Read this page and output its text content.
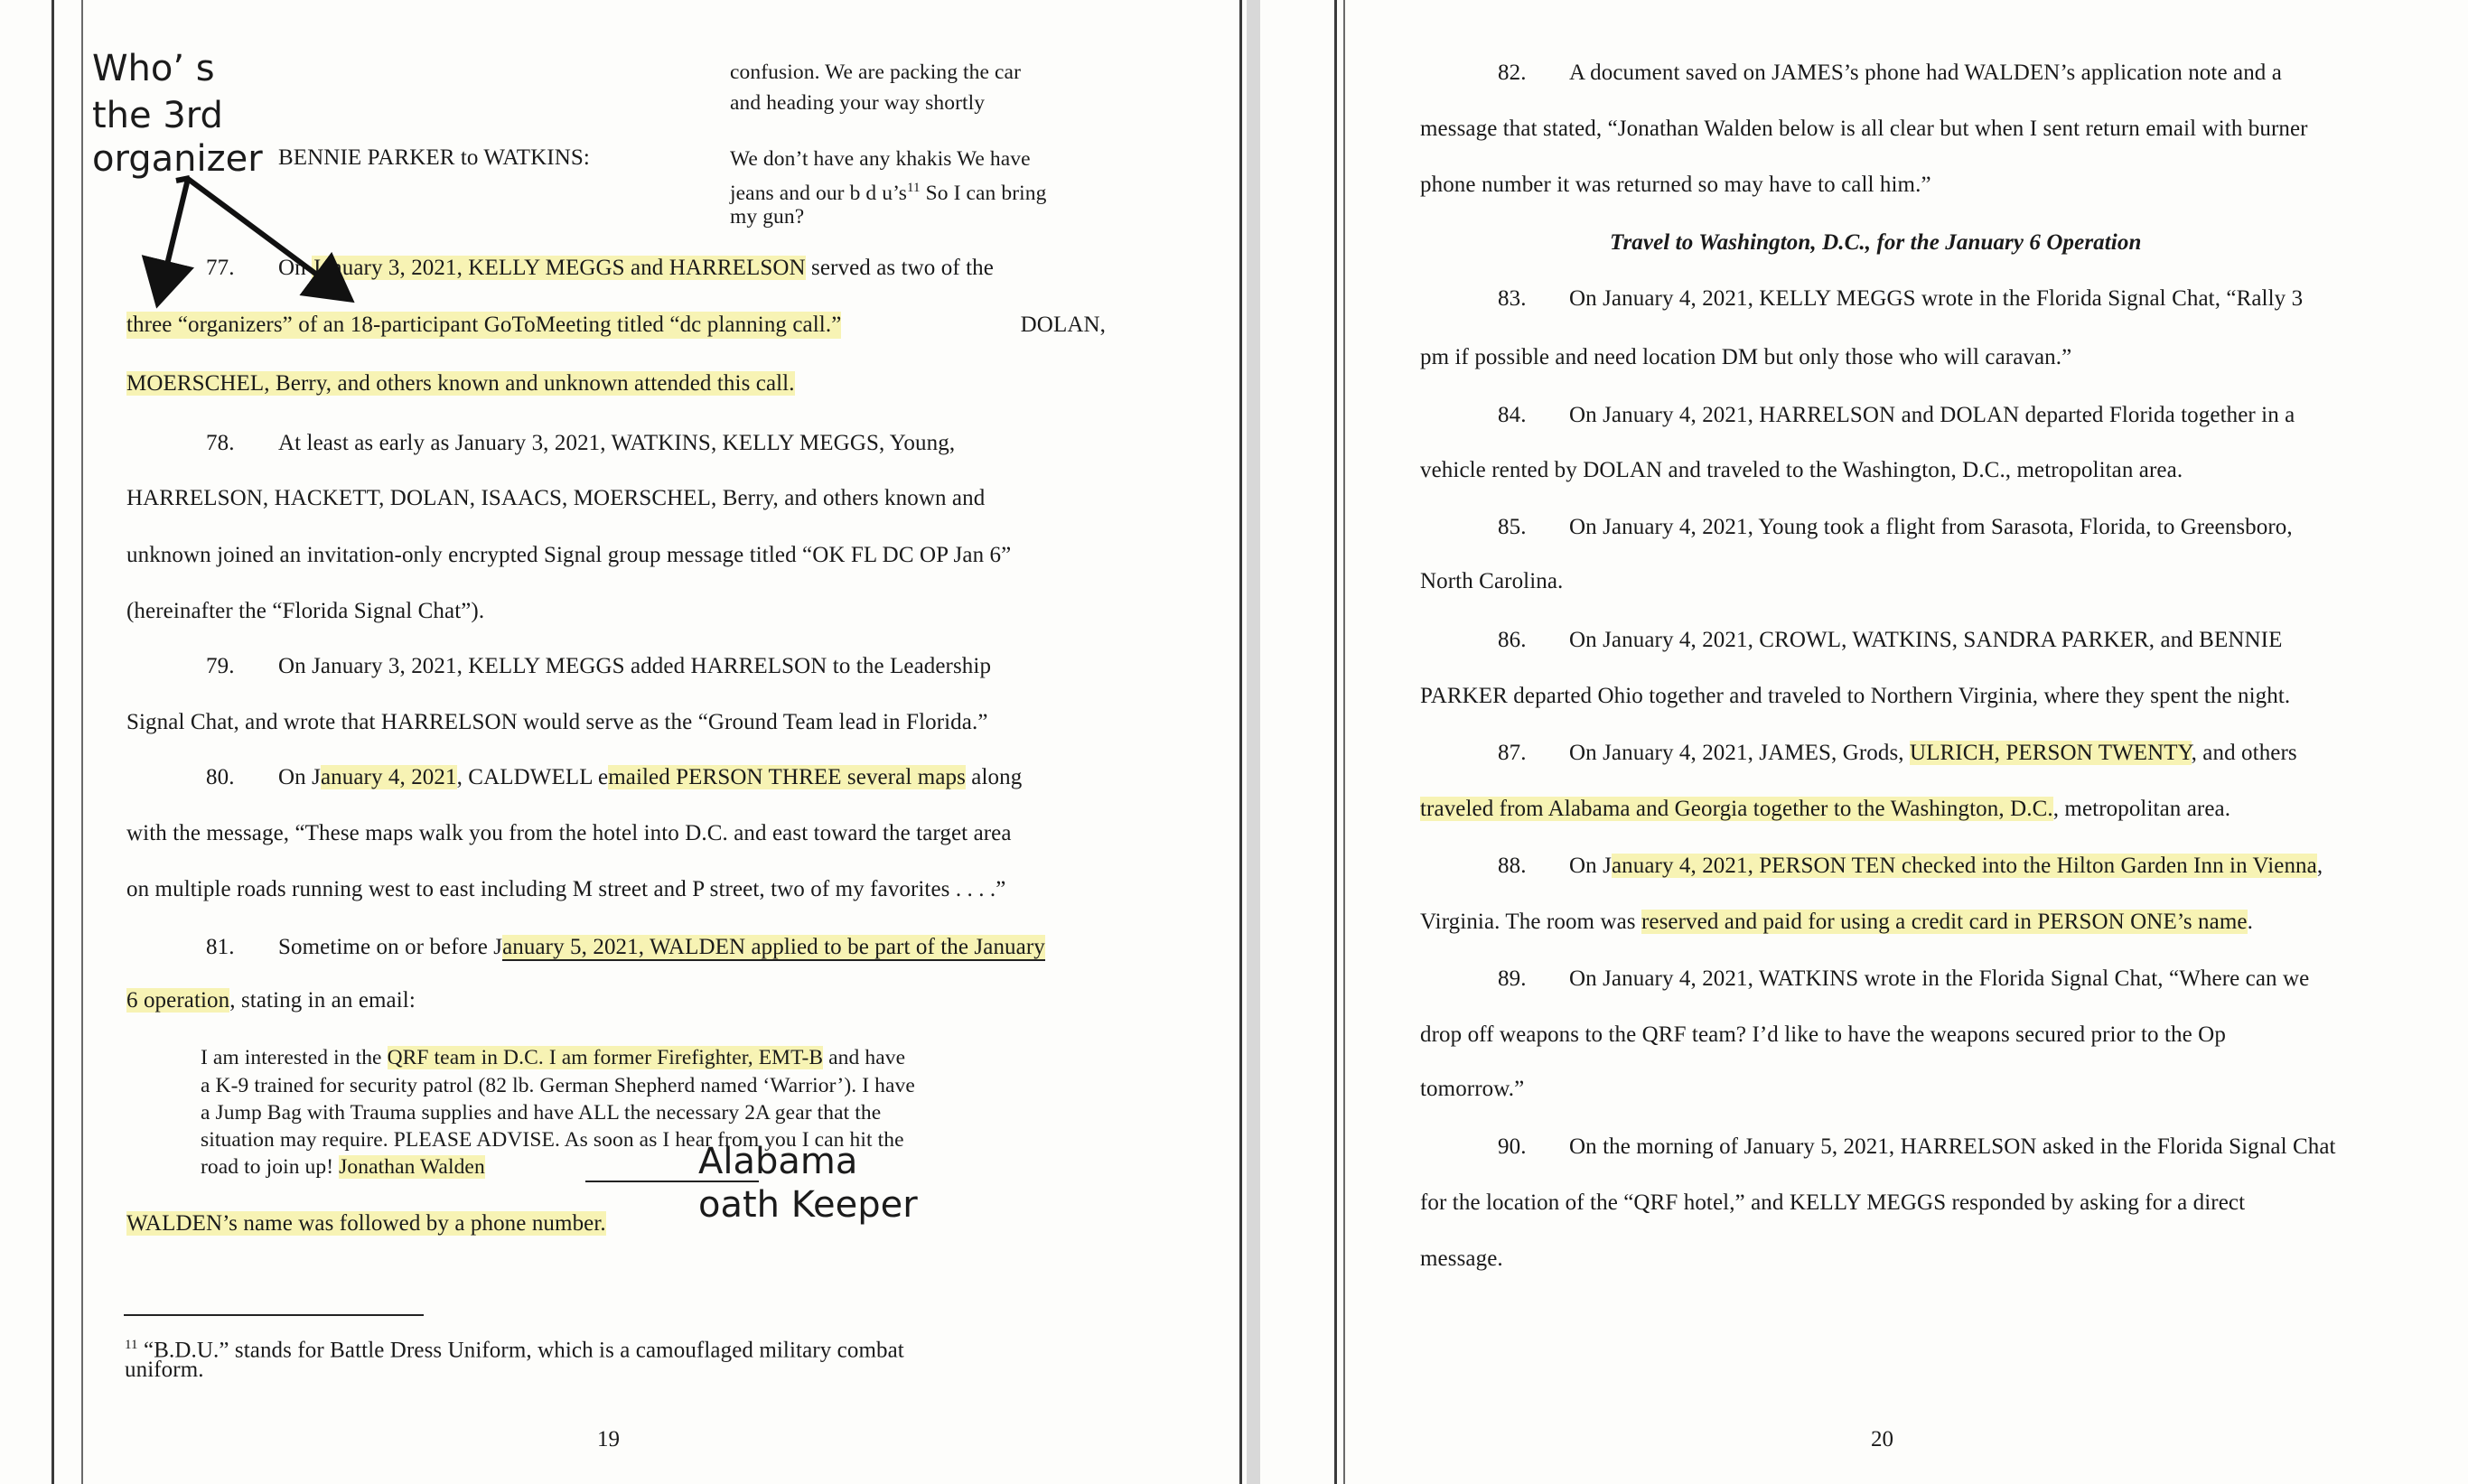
Who’ s
the 3rd
organizer
confusion. We are packing the car
and heading your way shortly
BENNIE PARKER to WATKINS:	We don’t have any khakis We have
jeans and our b d $u’s^{11}$ So I can bring
my gun?
77. On January 3, 2021, KELLY MEGGS and HARRELSON served as two of the
three “organizers” of an 18-participant GoToMeeting titled “dc planning call.”	DOLAN,
MOERSCHEL, Berry, and others known and unknown attended this call.
78. At least as early as January 3, 2021, WATKINS, KELLY MEGGS, Young,
HARRELSON, HACKETT, DOLAN, ISAACS, MOERSCHEL, Berry, and others known and
unknown joined an invitation-only encrypted Signal group message titled “OK FL DC OP Jan 6”
(hereinafter the “Florida Signal Chat”).
79. On January 3, 2021, KELLY MEGGS added HARRELSON to the Leadership
Signal Chat, and wrote that HARRELSON would serve as the “Ground Team lead in Florida.”
80. On January 4, 2021, CALDWELL emailed PERSON THREE several maps along
with the message, “These maps walk you from the hotel into D.C. and east toward the target area
on multiple roads running west to east including M street and P street, two of my favorites . . . .”
81. Sometime on or before January 5, 2021, WALDEN applied to be part of the January
6 operation, stating in an email:
I am interested in the QRF team in D.C. I am former Firefighter, EMT-B and have
a K-9 trained for security patrol (82 lb. German Shepherd named ‘Warrior’). I have
a Jump Bag with Trauma supplies and have ALL the necessary 2A gear that the
situation may require. PLEASE ADVISE. As soon as I hear from you I can hit the
road to join up! Jonathan Walden	Alabama
oath Keeper
WALDEN’s name was followed by a phone number.
$^{11}$ “B.D.U.” stands for Battle Dress Uniform, which is a camouflaged military combat
uniform.
19
82. A document saved on JAMES’s phone had WALDEN’s application note and a
message that stated, “Jonathan Walden below is all clear but when I sent return email with burner
phone number it was returned so may have to call him.”
Travel to Washington, D.C., for the January 6 Operation
83. On January 4, 2021, KELLY MEGGS wrote in the Florida Signal Chat, “Rally 3
pm if possible and need location DM but only those who will caravan.”
84. On January 4, 2021, HARRELSON and DOLAN departed Florida together in a
vehicle rented by DOLAN and traveled to the Washington, D.C., metropolitan area.
85. On January 4, 2021, Young took a flight from Sarasota, Florida, to Greensboro,
North Carolina.
86. On January 4, 2021, CROWL, WATKINS, SANDRA PARKER, and BENNIE
PARKER departed Ohio together and traveled to Northern Virginia, where they spent the night.
87. On January 4, 2021, JAMES, Grods, ULRICH, PERSON TWENTY, and others
traveled from Alabama and Georgia together to the Washington, D.C., metropolitan area.
88. On January 4, 2021, PERSON TEN checked into the Hilton Garden Inn in Vienna,
Virginia. The room was reserved and paid for using a credit card in PERSON ONE’s name.
89. On January 4, 2021, WATKINS wrote in the Florida Signal Chat, “Where can we
drop off weapons to the QRF team? I’d like to have the weapons secured prior to the Op
tomorrow.”
90. On the morning of January 5, 2021, HARRELSON asked in the Florida Signal Chat
for the location of the “QRF hotel,” and KELLY MEGGS responded by asking for a direct
message.
20
